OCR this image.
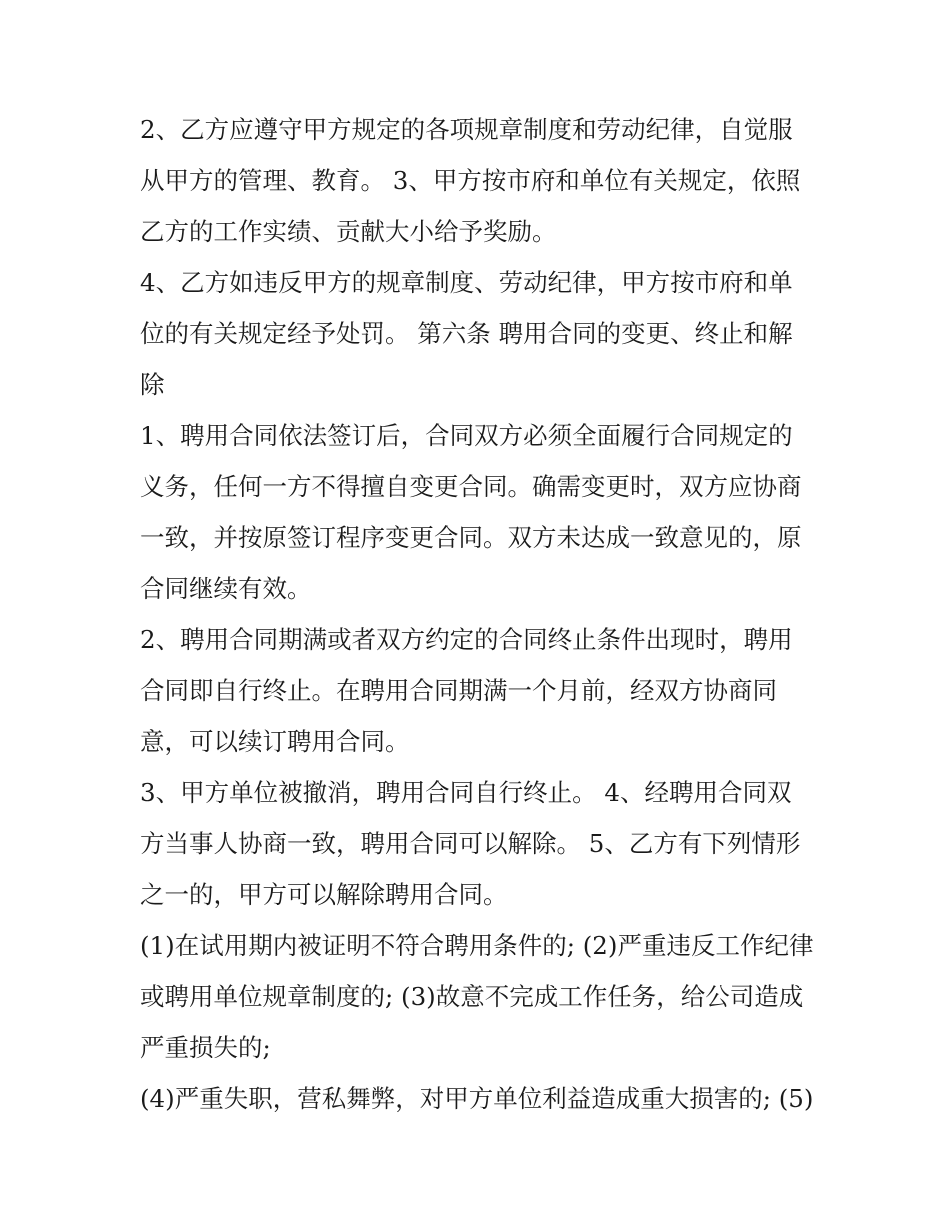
2、乙方应遵守甲方规定的各项规章制度和劳动纪律，自觉服
从甲方的管理、教育。 3、甲方按市府和单位有关规定，依照
乙方的工作实绩、贡献大小给予奖励。

4、乙方如违反甲方的规章制度、劳动纪律，甲方按市府和单
位的有关规定经予处罚。 第六条 聘用合同的变更、终止和解
除

1、聘用合同依法签订后，合同双方必须全面履行合同规定的
义务，任何一方不得擅自变更合同。确需变更时，双方应协商
一致，并按原签订程序变更合同。双方未达成一致意见的，原
合同继续有效。

2、聘用合同期满或者双方约定的合同终止条件出现时，聘用
合同即自行终止。在聘用合同期满一个月前，经双方协商同
意，可以续订聘用合同。

3、甲方单位被撤消，聘用合同自行终止。 4、经聘用合同双
方当事人协商一致，聘用合同可以解除。 5、乙方有下列情形
之一的，甲方可以解除聘用合同。

(1)在试用期内被证明不符合聘用条件的; (2)严重违反工作纪律
或聘用单位规章制度的; (3)故意不完成工作任务，给公司造成
严重损失的;

(4)严重失职，营私舞弊，对甲方单位利益造成重大损害的; (5)
